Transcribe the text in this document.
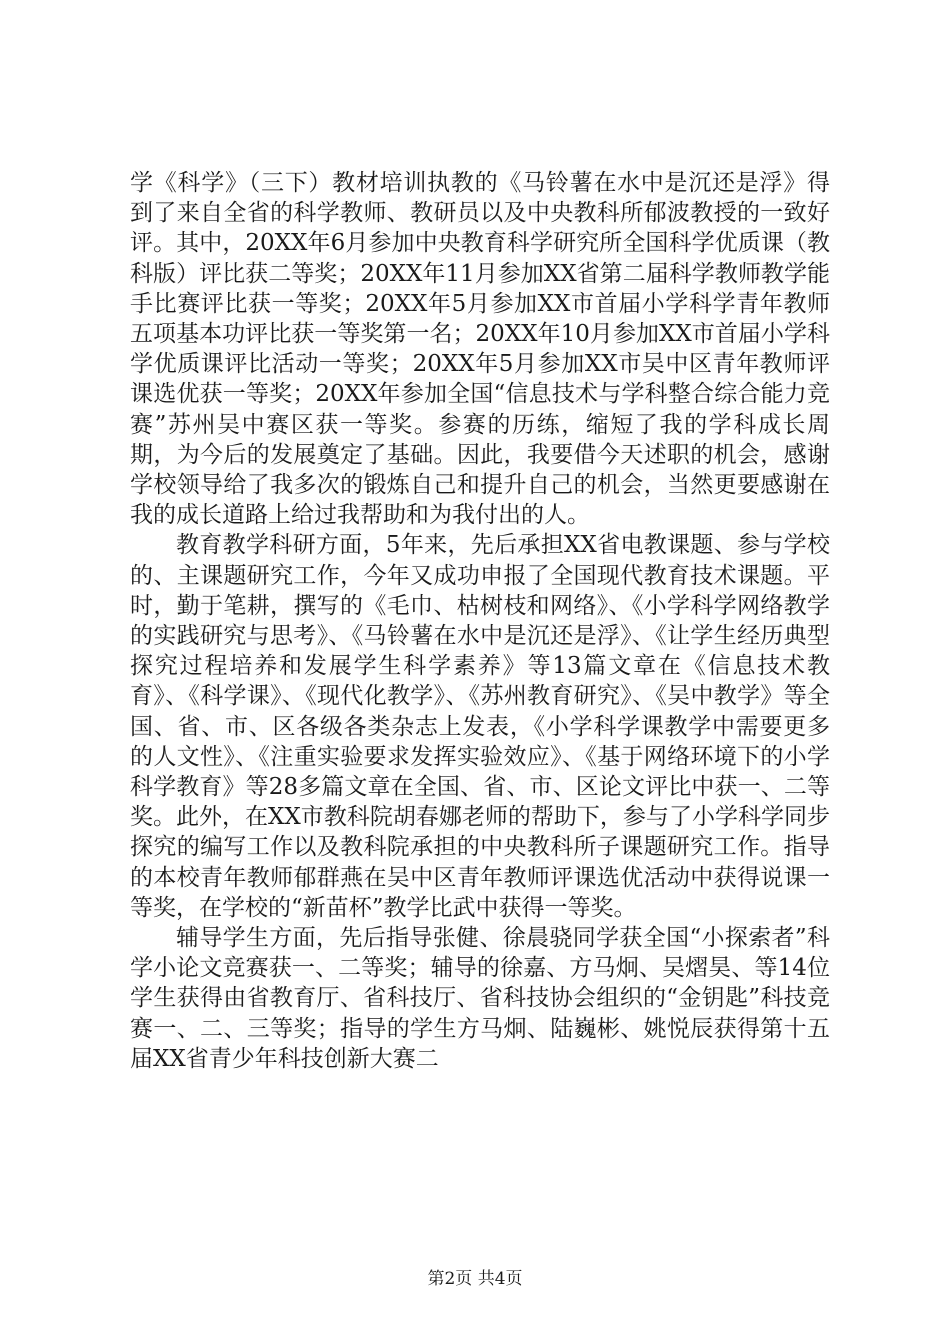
学《科学》（三下）教材培训执教的《马铃薯在水中是沉还是浮》得到了来自全省的科学教师、教研员以及中央教科所郁波教授的一致好评。其中，20XX年6月参加中央教育科学研究所全国科学优质课（教科版）评比获二等奖；20XX年11月参加XX省第二届科学教师教学能手比赛评比获一等奖；20XX年5月参加XX市首届小学科学青年教师五项基本功评比获一等奖第一名；20XX年10月参加XX市首届小学科学优质课评比活动一等奖；20XX年5月参加XX市吴中区青年教师评课选优获一等奖；20XX年参加全国“信息技术与学科整合综合能力竞赛”苏州吴中赛区获一等奖。参赛的历练，缩短了我的学科成长周期，为今后的发展奠定了基础。因此，我要借今天述职的机会，感谢学校领导给了我多次的锻炼自己和提升自己的机会，当然更要感谢在我的成长道路上给过我帮助和为我付出的人。

教育教学科研方面，5年来，先后承担XX省电教课题、参与学校的、主课题研究工作，今年又成功申报了全国现代教育技术课题。平时，勤于笔耕，撰写的《毛巾、枯树枝和网络》、《小学科学网络教学的实践研究与思考》、《马铃薯在水中是沉还是浮》、《让学生经历典型探究过程培养和发展学生科学素养》等13篇文章在《信息技术教育》、《科学课》、《现代化教学》、《苏州教育研究》、《吴中教学》等全国、省、市、区各级各类杂志上发表，《小学科学课教学中需要更多的人文性》、《注重实验要求发挥实验效应》、《基于网络环境下的小学科学教育》等28多篇文章在全国、省、市、区论文评比中获一、二等奖。此外，在XX市教科院胡春娜老师的帮助下，参与了小学科学同步探究的编写工作以及教科院承担的中央教科所子课题研究工作。指导的本校青年教师郁群燕在吴中区青年教师评课选优活动中获得说课一等奖，在学校的“新苗杯”教学比武中获得一等奖。

辅导学生方面，先后指导张健、徐晨骁同学获全国“小探索者”科学小论文竞赛获一、二等奖；辅导的徐嘉、方马炯、吴熠昊、等14位学生获得由省教育厅、省科技厅、省科技协会组织的“金钥匙”科技竞赛一、二、三等奖；指导的学生方马炯、陆巍彬、姚悦辰获得第十五届XX省青少年科技创新大赛二

第2页 共4页
